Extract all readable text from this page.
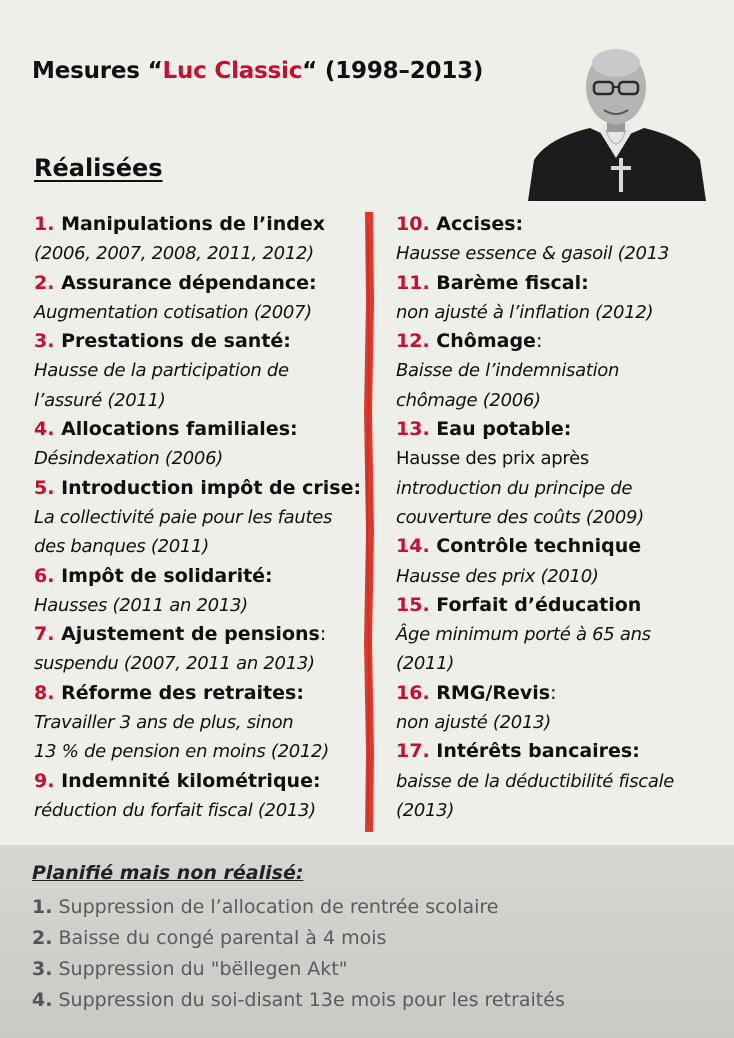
Mesures “Luc Classic“ (1998–2013)
Réalisées
1. Manipulations de l’index
(2006, 2007, 2008, 2011, 2012)
2. Assurance dépendance:
Augmentation cotisation (2007)
3. Prestations de santé:
Hausse de la participation de
l’assuré (2011)
4. Allocations familiales:
Désindexation (2006)
5. Introduction impôt de crise:
La collectivité paie pour les fautes
des banques (2011)
6. Impôt de solidarité:
Hausses (2011 an 2013)
7. Ajustement de pensions:
suspendu (2007, 2011 an 2013)
8. Réforme des retraites:
Travailler 3 ans de plus, sinon
13 % de pension en moins (2012)
9. Indemnité kilométrique:
réduction du forfait fiscal (2013)
10. Accises:
Hausse essence & gasoil (2013
11. Barème fiscal:
non ajusté à l’inflation (2012)
12. Chômage:
Baisse de l’indemnisation
chômage (2006)
13. Eau potable:
Hausse des prix après
introduction du principe de
couverture des coûts (2009)
14. Contrôle technique
Hausse des prix (2010)
15. Forfait d’éducation
Âge minimum porté à 65 ans
(2011)
16. RMG/Revis:
non ajusté (2013)
17. Intérêts bancaires:
baisse de la déductibilité fiscale
(2013)
Planifié mais non réalisé:
1. Suppression de l’allocation de rentrée scolaire
2. Baisse du congé parental à 4 mois
3. Suppression du "bëllegen Akt"
4. Suppression du soi-disant 13e mois pour les retraités
